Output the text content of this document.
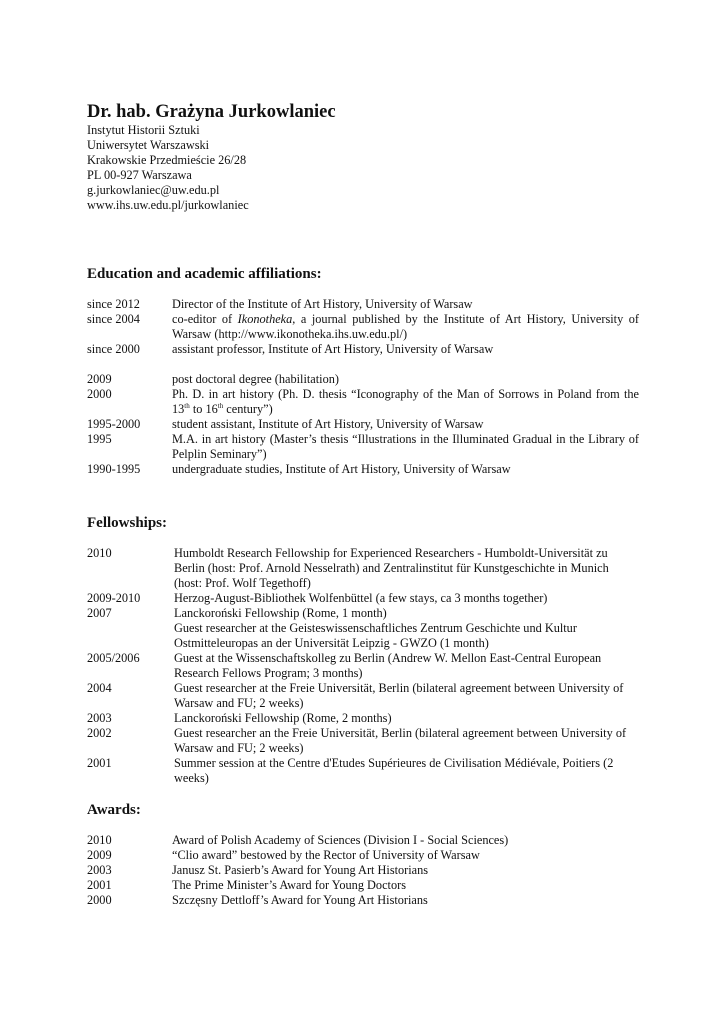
Dr. hab. Grażyna Jurkowlaniec
Instytut Historii Sztuki
Uniwersytet Warszawski
Krakowskie Przedmieście 26/28
PL 00-927 Warszawa
g.jurkowlaniec@uw.edu.pl
www.ihs.uw.edu.pl/jurkowlaniec
Education and academic affiliations:
since 2012	Director of the Institute of Art History, University of Warsaw
since 2004	co-editor of Ikonotheka, a journal published by the Institute of Art History, University of Warsaw (http://www.ikonotheka.ihs.uw.edu.pl/)
since 2000	assistant professor, Institute of Art History, University of Warsaw

2009	post doctoral degree (habilitation)
2000	Ph. D. in art history (Ph. D. thesis “Iconography of the Man of Sorrows in Poland from the 13th to 16th century”)
1995-2000	student assistant, Institute of Art History, University of Warsaw
1995	M.A. in art history (Master’s thesis “Illustrations in the Illuminated Gradual in the Library of Pelplin Seminary”)
1990-1995	undergraduate studies, Institute of Art History, University of Warsaw
Fellowships:
2010	Humboldt Research Fellowship for Experienced Researchers - Humboldt-Universität zu Berlin (host: Prof. Arnold Nesselrath) and Zentralinstitut für Kunstgeschichte in Munich (host: Prof. Wolf Tegethoff)
2009-2010	Herzog-August-Bibliothek Wolfenbüttel (a few stays, ca 3 months together)
2007	Lanckoroński Fellowship (Rome, 1 month)
	Guest researcher at the Geisteswissenschaftliches Zentrum Geschichte und Kultur Ostmitteleuropas an der Universität Leipzig - GWZO (1 month)
2005/2006	Guest at the Wissenschaftskolleg zu Berlin (Andrew W. Mellon East-Central European Research Fellows Program; 3 months)
2004	Guest researcher at the Freie Universität, Berlin (bilateral agreement between University of Warsaw and FU; 2 weeks)
2003	Lanckoroński Fellowship (Rome, 2 months)
2002	Guest researcher an the Freie Universität, Berlin (bilateral agreement between University of Warsaw and FU; 2 weeks)
2001	Summer session at the Centre d'Etudes Supérieures de Civilisation Médiévale, Poitiers (2 weeks)
Awards:
2010	Award of Polish Academy of Sciences (Division I - Social Sciences)
2009	“Clio award” bestowed by the Rector of University of Warsaw
2003	Janusz St. Pasierb’s Award for Young Art Historians
2001	The Prime Minister’s Award for Young Doctors
2000	Szczęsny Dettloff’s Award for Young Art Historians
